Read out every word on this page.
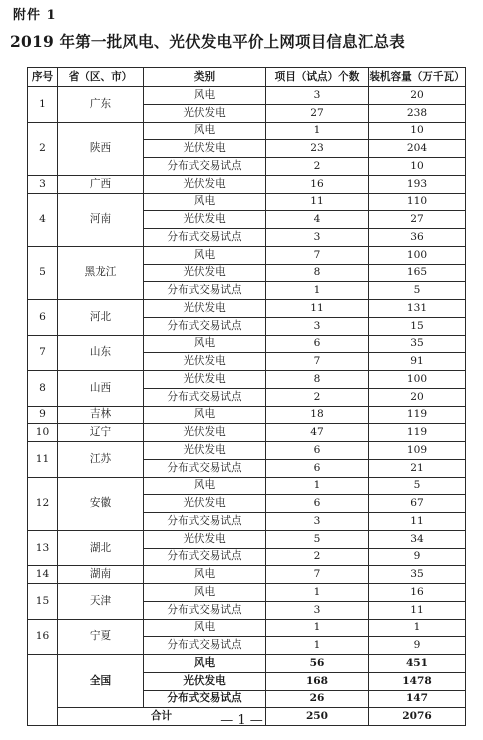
附件 1
2019 年第一批风电、光伏发电平价上网项目信息汇总表
序号	省（区、市）	类别	项目（试点）个数	装机容量（万千瓦）
1	广东	风电	3	20
		光伏发电	27	238
2	陕西	风电	1	10
		光伏发电	23	204
		分布式交易试点	2	10
3	广西	光伏发电	16	193
4	河南	风电	11	110
		光伏发电	4	27
		分布式交易试点	3	36
5	黑龙江	风电	7	100
		光伏发电	8	165
		分布式交易试点	1	5
6	河北	光伏发电	11	131
		分布式交易试点	3	15
7	山东	风电	6	35
		光伏发电	7	91
8	山西	光伏发电	8	100
		分布式交易试点	2	20
9	吉林	风电	18	119
10	辽宁	光伏发电	47	119
11	江苏	光伏发电	6	109
		分布式交易试点	6	21
12	安徽	风电	1	5
		光伏发电	6	67
		分布式交易试点	3	11
13	湖北	光伏发电	5	34
		分布式交易试点	2	9
14	湖南	风电	7	35
15	天津	风电	1	16
		分布式交易试点	3	11
16	宁夏	风电	1	1
		分布式交易试点	1	9
	全国	风电	56	451
		光伏发电	168	1478
		分布式交易试点	26	147
	合计		250	2076
— 1 —
